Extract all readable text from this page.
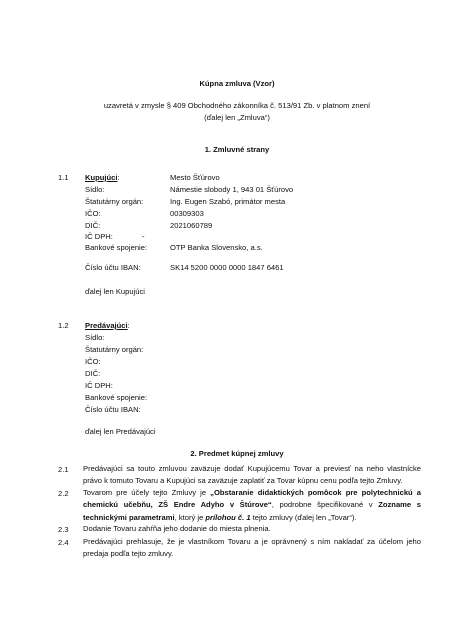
Kúpna zmluva (Vzor)
uzavretá v zmysle § 409 Obchodného zákonníka č. 513/91 Zb. v platnom znení
(ďalej len „Zmluva“)
1. Zmluvné strany
1.1 Kupujúci:	Mesto Šťúrovo
Sídlo:	Námestie slobody 1, 943 01 Šťúrovo
Štatutárny orgán:	Ing. Eugen Szabó, primátor mesta
IČO:	00309303
DIČ:	2021060789
IČ DPH:	-
Bankové spojenie:	OTP Banka Slovensko, a.s.
Číslo účtu IBAN:	SK14 5200 0000 0000 1847 6461
ďalej len Kupujúci
1.2 Predávajúci:
Sídlo:
Štatutárny orgán:
IČO:
DIČ:
IČ DPH:
Bankové spojenie:
Číslo účtu IBAN:
ďalej len Predávajúci
2. Predmet kúpnej zmluvy
2.1 Predávajúci sa touto zmluvou zaväzuje dodať Kupujúcemu Tovar a previesť na neho vlastnícke právo k tomuto Tovaru a Kupujúci sa zaväzuje zaplatiť za Tovar kúpnu cenu podľa tejto Zmluvy.
2.2 Tovarom pre účely tejto Zmluvy je „Obstaranie didaktických pomôcok pre polytechnickú a chemickú učebňu, ZŠ Endre Adyho v Štúrove“, podrobne špecifikované v Zozname s technickými parametrami, ktorý je prílohou č. 1 tejto zmluvy (ďalej len „Tovar“).
2.3 Dodanie Tovaru zahŕňa jeho dodanie do miesta plnenia.
2.4 Predávajúci prehlasuje, že je vlastníkom Tovaru a je oprávnený s ním nakladať za účelom jeho predaja podľa tejto zmluvy.
